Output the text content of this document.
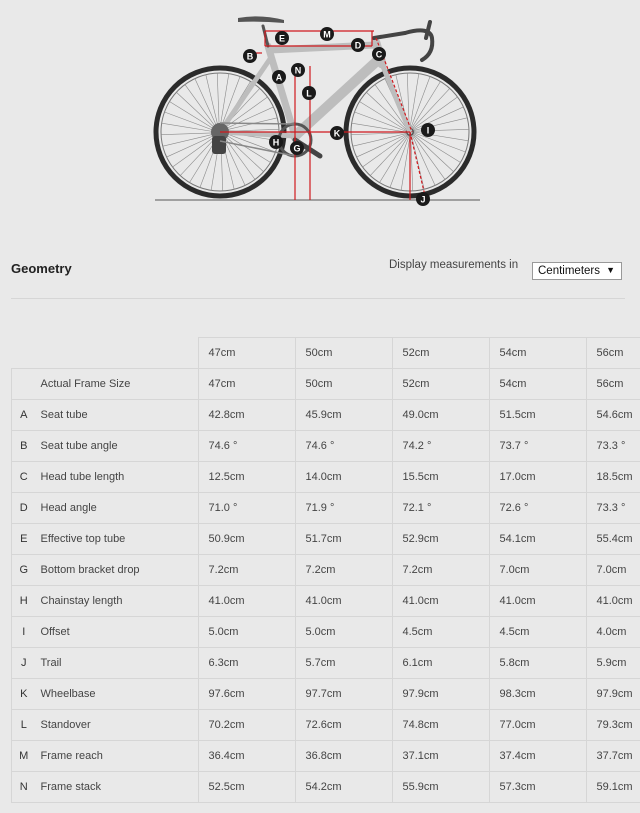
A
B	C
D
E
G
H
I
J
K
L
M
N
Geometry	Display measurements in	Centimeters ▼
		47cm	50cm	52cm	54cm	56cm
	Actual Frame Size	47cm	50cm	52cm	54cm	56cm
A	Seat tube	42.8cm	45.9cm	49.0cm	51.5cm	54.6cm
B	Seat tube angle	74.6 °	74.6 °	74.2 °	73.7 °	73.3 °
C	Head tube length	12.5cm	14.0cm	15.5cm	17.0cm	18.5cm
D	Head angle	71.0 °	71.9 °	72.1 °	72.6 °	73.3 °
E	Effective top tube	50.9cm	51.7cm	52.9cm	54.1cm	55.4cm
G	Bottom bracket drop	7.2cm	7.2cm	7.2cm	7.0cm	7.0cm
H	Chainstay length	41.0cm	41.0cm	41.0cm	41.0cm	41.0cm
I	Offset	5.0cm	5.0cm	4.5cm	4.5cm	4.0cm
J	Trail	6.3cm	5.7cm	6.1cm	5.8cm	5.9cm
K	Wheelbase	97.6cm	97.7cm	97.9cm	98.3cm	97.9cm
L	Standover	70.2cm	72.6cm	74.8cm	77.0cm	79.3cm
M	Frame reach	36.4cm	36.8cm	37.1cm	37.4cm	37.7cm
N	Frame stack	52.5cm	54.2cm	55.9cm	57.3cm	59.1cm
